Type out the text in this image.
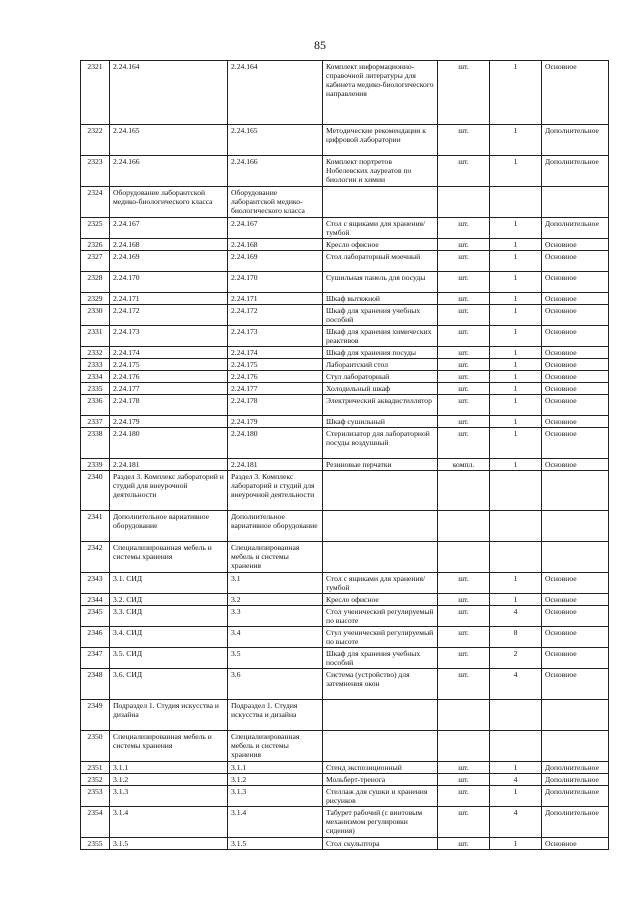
85
2321	2.24.164	2.24.164	Комплект информационно-справочной литературы для кабинета медико-биологического направления	шт.	1	Основное
2322	2.24.165	2.24.165	Методические рекомендации к цифровой лаборатории	шт.	1	Дополнительное
2323	2.24.166	2.24.166	Комплект портретов Нобелевских лауреатов по биологии и химии	шт.	1	Дополнительное
2324	Оборудование лаборантской медико-биологического класса	Оборудование лаборантской медико-биологического класса				
2325	2.24.167	2.24.167	Стол с ящиками для хранения/тумбой	шт.	1	Дополнительное
2326	2.24.168	2.24.168	Кресло офисное	шт.	1	Основное
2327	2.24.169	2.24.169	Стол лабораторный моечный	шт.	1	Основное
2328	2.24.170	2.24.170	Сушильная панель для посуды	шт.	1	Основное
2329	2.24.171	2.24.171	Шкаф вытяжной	шт.	1	Основное
2330	2.24.172	2.24.172	Шкаф для хранения учебных пособий	шт.	1	Основное
2331	2.24.173	2.24.173	Шкаф для хранения химических реактивов	шт.	1	Основное
2332	2.24.174	2.24.174	Шкаф для хранения посуды	шт.	1	Основное
2333	2.24.175	2.24.175	Лаборантский стол	шт.	1	Основное
2334	2.24.176	2.24.176	Стул лабораторный	шт.	1	Основное
2335	2.24.177	2.24.177	Холодильный шкаф	шт.	1	Основное
2336	2.24.178	2.24.178	Электрический аквадистиллятор	шт.	1	Основное
2337	2.24.179	2.24.179	Шкаф сушильный	шт.	1	Основное
2338	2.24.180	2.24.180	Стерилизатор для лабораторной посуды воздушный	шт.	1	Основное
2339	2.24.181	2.24.181	Резиновые перчатки	компл.	1	Основное
2340	Раздел 3. Комплекс лабораторий и студий для внеурочной деятельности	Раздел 3. Комплекс лабораторий и студий для внеурочной деятельности				
2341	Дополнительное вариативное оборудование	Дополнительное вариативное оборудование				
2342	Специализированная мебель и системы хранения	Специализированная мебель и системы хранения				
2343	3.1. СИД	3.1	Стол с ящиками для хранения/тумбой	шт.	1	Основное
2344	3.2. СИД	3.2	Кресло офисное	шт.	1	Основное
2345	3.3. СИД	3.3	Стол ученический регулируемый по высоте	шт.	4	Основное
2346	3.4. СИД	3.4	Стул ученический регулируемый по высоте	шт.	8	Основное
2347	3.5. СИД	3.5	Шкаф для хранения учебных пособий	шт.	2	Основное
2348	3.6. СИД	3.6	Система (устройство) для затемнения окон	шт.	4	Основное
2349	Подраздел 1. Студия искусства и дизайна	Подраздел 1. Студия искусства и дизайна				
2350	Специализированная мебель и системы хранения	Специализированная мебель и системы хранения				
2351	3.1.1	3.1.1	Стенд экспозиционный	шт.	1	Дополнительное
2352	3.1.2	3.1.2	Мольберт-тренога	шт.	4	Дополнительное
2353	3.1.3	3.1.3	Стеллаж для сушки и хранения рисунков	шт.	1	Дополнительное
2354	3.1.4	3.1.4	Табурет рабочий (с винтовым механизмом регулировки сидения)	шт.	4	Дополнительное
2355	3.1.5	3.1.5	Стол скульптора	шт.	1	Основное
